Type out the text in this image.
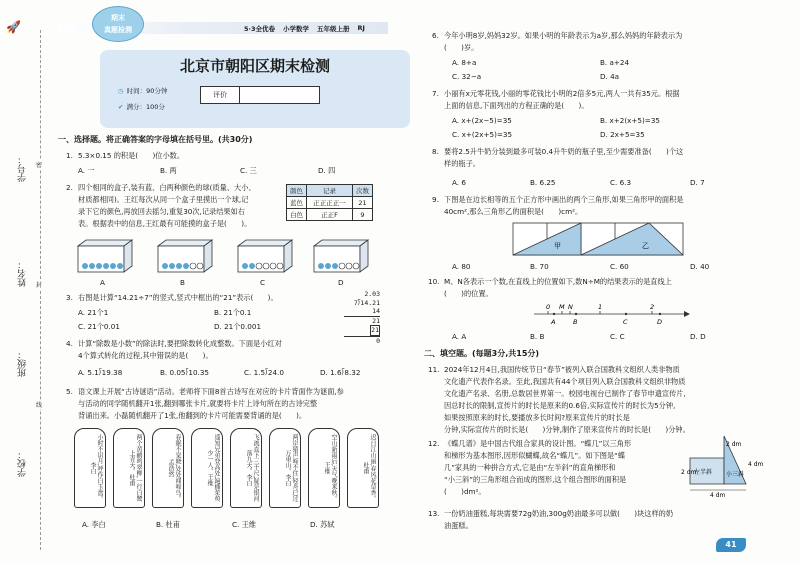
🚀
学号：
姓名：
班级：
学校：
密
封
线
期末
真题检测	5·3全优卷 小学数学 五年级上册 RJ
北京市朝阳区期末检测
◷ 时间：90分钟
✔ 满分：100分
评价
一、选择题。将正确答案的字母填在括号里。(共30分)
1. 5.3×0.15 的积是(　　)位小数。
A. 一	B. 两	C. 三	D. 四
2. 四个相同的盒子,装有蓝、白两种颜色的球(质量、大小、
材质都相同)。王红每次从同一个盒子里摸出一个球,记
录下它的颜色,再放回去摇匀,重复30次,记录结果如右
表。根据表中的信息,王红最有可能摸的盒子是(　　)。
颜色	记录	次数
蓝色	正正正正一	21
白色	正正F	9
A	B	C	D
3. 右图是计算“14.21÷7”的竖式,竖式中框出的“21”表示(　　)。
A. 21个1	B. 21个0.1
C. 21个0.01	D. 21个0.001
2.03
7⟌14.21
14
21
21
0
4. 计算“除数是小数”的除法时,要把除数转化成整数。下面是小红对
4个算式转化的过程,其中错误的是(　　)。
A. 5.1⟌19.38	B. 0.05⟌10.35	C. 1.5⟌24.0	D. 1.6⟌8.32
5. 语文课上开展“古诗谜语”活动。老师将下面8首古诗写在对应的卡片背面作为谜面,参
与活动的同学随机翻开1张,翻到哪张卡片,就要将卡片上诗句所在的古诗完整
背诵出来。小磊随机翻开了1张,他翻到的卡片可能需要背诵的是(　　)。
小时不识月,呼作白玉盘。李白	两个黄鹂鸣翠柳,一行白鹭上青天。杜甫	春眠不觉晓,处处闻啼鸟。孟浩然	遥知兄弟登高处,遍插茱萸少一人。王维	飞流直下三千尺,疑是银河落九天。李白	两岸猿声啼不住,轻舟已过万重山。李白	空山新雨后,天气晚来秋。王维	迟日江山丽,春风花草香。杜甫
A. 李白	B. 杜甫	C. 王维	D. 苏轼
6. 今年小明8岁,妈妈32岁。如果小明的年龄表示为a岁,那么妈妈的年龄表示为
(　　)岁。
A. 8+a	B. a+24
C. 32−a	D. 4a
7. 小丽有x元零花钱,小丽的零花钱比小明的2倍多5元,两人一共有35元。根据
上面的信息,下面列出的方程正确的是(　　)。
A. x+(2x−5)=35	B. x+2(x+5)=35
C. x+(2x+5)=35	D. 2x+5=35
8. 要将2.5升牛奶分装到最多可装0.4升牛奶的瓶子里,至少需要准备(　　)个这
样的瓶子。
A. 6	B. 6.25	C. 6.3	D. 7
9. 下图是在边长相等的五个正方形中画出的两个三角形,如果三角形甲的面积是
40cm²,那么三角形乙的面积是(　　)cm²。
甲	乙
A. 80	B. 70	C. 60	D. 40
10. M、N各表示一个数,在直线上的位置如下,数N÷M的结果表示的是直线上
(　　)的位置。
0 M N	1	2
A	B	C	D
A. A	B. B	C. C	D. D
二、填空题。(每题3分,共15分)
11. 2024年12月4日,我国传统节日“春节”被列入联合国教科文组织人类非物质
文化遗产代表作名录。至此,我国共有44个项目列入联合国教科文组织非物质
文化遗产名录、名册,总数居世界第一。校园电视台已制作了春节申遗宣传片,
因总时长的限制,宣传片的时长是原来的0.6倍,实际宣传片的时长为5分钟,
如果按照原来的时长,要播放多长时间?原来宣传片的时长是
分钟,实际宣传片的时长是(　　)分钟,制作了原来宣传片的时长是(　　)分钟。
12. 《蝶几谱》是中国古代组合家具的设计图。“蝶几”以三角形
和梯形为基本图形,因形似蝴蝶,故名“蝶几”。如下图是“蝶
几”家具的一种拼合方式,它是由“左半斜”的直角梯形和
“小三斜”的三角形组合而成的图形,这个组合图形的面积是
(　　)dm²。
2 dm
4 dm
4 dm
2 dm
左半斜 小三斜
13. 一份奶油蛋糕,每块需要72g奶油,300g奶油最多可以做(　　)块这样的奶
油蛋糕。
41
